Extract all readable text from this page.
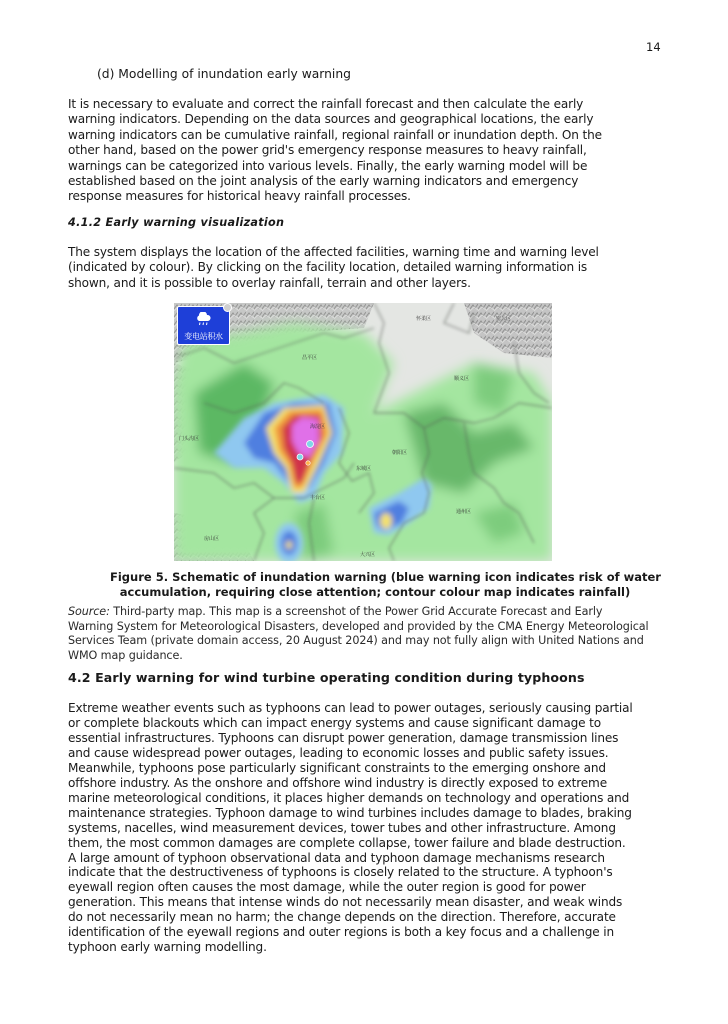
14
(d) Modelling of inundation early warning
It is necessary to evaluate and correct the rainfall forecast and then calculate the early
warning indicators. Depending on the data sources and geographical locations, the early
warning indicators can be cumulative rainfall, regional rainfall or inundation depth. On the
other hand, based on the power grid's emergency response measures to heavy rainfall,
warnings can be categorized into various levels. Finally, the early warning model will be
established based on the joint analysis of the early warning indicators and emergency
response measures for historical heavy rainfall processes.
4.1.2 Early warning visualization
The system displays the location of the affected facilities, warning time and warning level
(indicated by colour). By clicking on the facility location, detailed warning information is
shown, and it is possible to overlay rainfall, terrain and other layers.
变电站积水
怀柔区	密云区
昌平区
顺义区
门头沟区
海淀区
东城区
朝阳区
丰台区
通州区
大兴区
房山区
Figure 5. Schematic of inundation warning (blue warning icon indicates risk of water
accumulation, requiring close attention; contour colour map indicates rainfall)
Source: Third-party map. This map is a screenshot of the Power Grid Accurate Forecast and Early
Warning System for Meteorological Disasters, developed and provided by the CMA Energy Meteorological
Services Team (private domain access, 20 August 2024) and may not fully align with United Nations and
WMO map guidance.
4.2 Early warning for wind turbine operating condition during typhoons
Extreme weather events such as typhoons can lead to power outages, seriously causing partial
or complete blackouts which can impact energy systems and cause significant damage to
essential infrastructures. Typhoons can disrupt power generation, damage transmission lines
and cause widespread power outages, leading to economic losses and public safety issues.
Meanwhile, typhoons pose particularly significant constraints to the emerging onshore and
offshore industry. As the onshore and offshore wind industry is directly exposed to extreme
marine meteorological conditions, it places higher demands on technology and operations and
maintenance strategies. Typhoon damage to wind turbines includes damage to blades, braking
systems, nacelles, wind measurement devices, tower tubes and other infrastructure. Among
them, the most common damages are complete collapse, tower failure and blade destruction.
A large amount of typhoon observational data and typhoon damage mechanisms research
indicate that the destructiveness of typhoons is closely related to the structure. A typhoon's
eyewall region often causes the most damage, while the outer region is good for power
generation. This means that intense winds do not necessarily mean disaster, and weak winds
do not necessarily mean no harm; the change depends on the direction. Therefore, accurate
identification of the eyewall regions and outer regions is both a key focus and a challenge in
typhoon early warning modelling.
